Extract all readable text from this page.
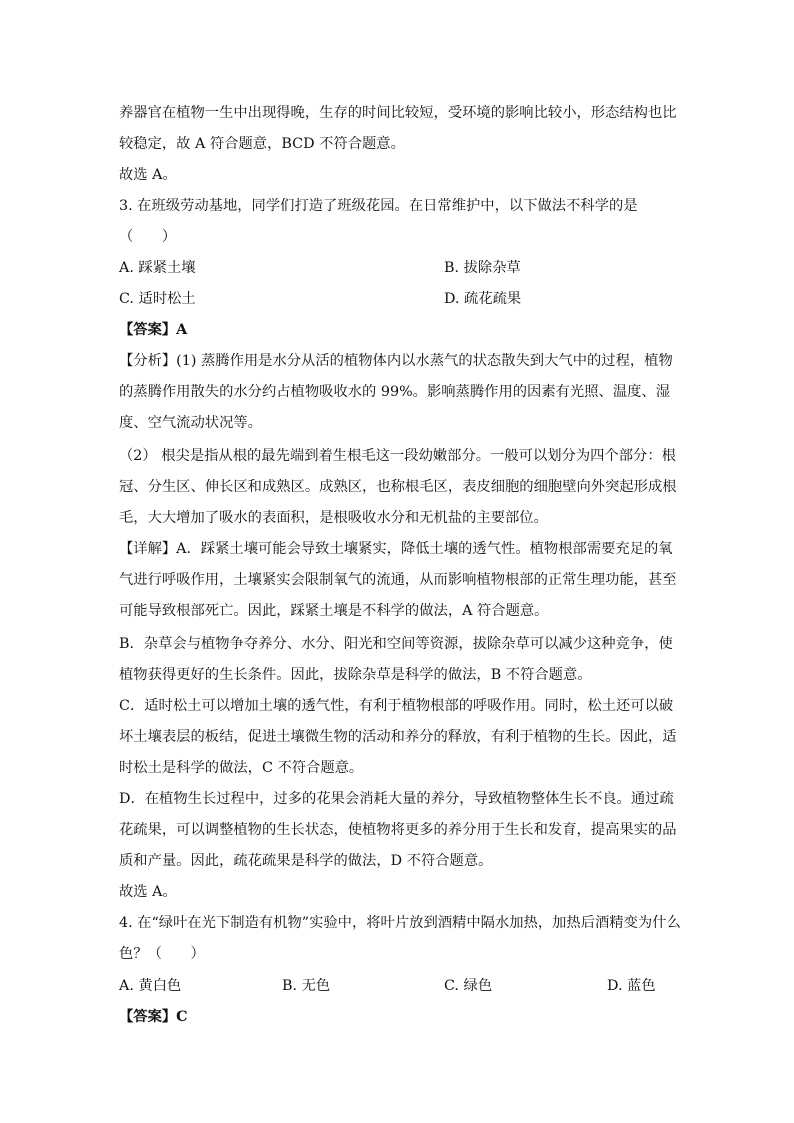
养器官在植物一生中出现得晚，生存的时间比较短，受环境的影响比较小，形态结构也比
较稳定，故 A 符合题意，BCD 不符合题意。
故选 A。
3. 在班级劳动基地，同学们打造了班级花园。在日常维护中，以下做法不科学的是
（　　）
A. 踩紧土壤	B. 拔除杂草
C. 适时松土	D. 疏花疏果
【答案】A
【分析】(1) 蒸腾作用是水分从活的植物体内以水蒸气的状态散失到大气中的过程，植物
的蒸腾作用散失的水分约占植物吸收水的 99%。影响蒸腾作用的因素有光照、温度、湿
度、空气流动状况等。
（2） 根尖是指从根的最先端到着生根毛这一段幼嫩部分。一般可以划分为四个部分：根
冠、分生区、伸长区和成熟区。成熟区，也称根毛区，表皮细胞的细胞壁向外突起形成根
毛，大大增加了吸水的表面积，是根吸收水分和无机盐的主要部位。
【详解】A．踩紧土壤可能会导致土壤紧实，降低土壤的透气性。植物根部需要充足的氧
气进行呼吸作用，土壤紧实会限制氧气的流通，从而影响植物根部的正常生理功能，甚至
可能导致根部死亡。因此，踩紧土壤是不科学的做法，A 符合题意。
B．杂草会与植物争夺养分、水分、阳光和空间等资源，拔除杂草可以减少这种竞争，使
植物获得更好的生长条件。因此，拔除杂草是科学的做法，B 不符合题意。
C．适时松土可以增加土壤的透气性，有利于植物根部的呼吸作用。同时，松土还可以破
坏土壤表层的板结，促进土壤微生物的活动和养分的释放，有利于植物的生长。因此，适
时松土是科学的做法，C 不符合题意。
D．在植物生长过程中，过多的花果会消耗大量的养分，导致植物整体生长不良。通过疏
花疏果，可以调整植物的生长状态，使植物将更多的养分用于生长和发育，提高果实的品
质和产量。因此，疏花疏果是科学的做法，D 不符合题意。
故选 A。
4. 在“绿叶在光下制造有机物”实验中，将叶片放到酒精中隔水加热，加热后酒精变为什么
色？（　　）
A. 黄白色	B. 无色	C. 绿色	D. 蓝色
【答案】C
